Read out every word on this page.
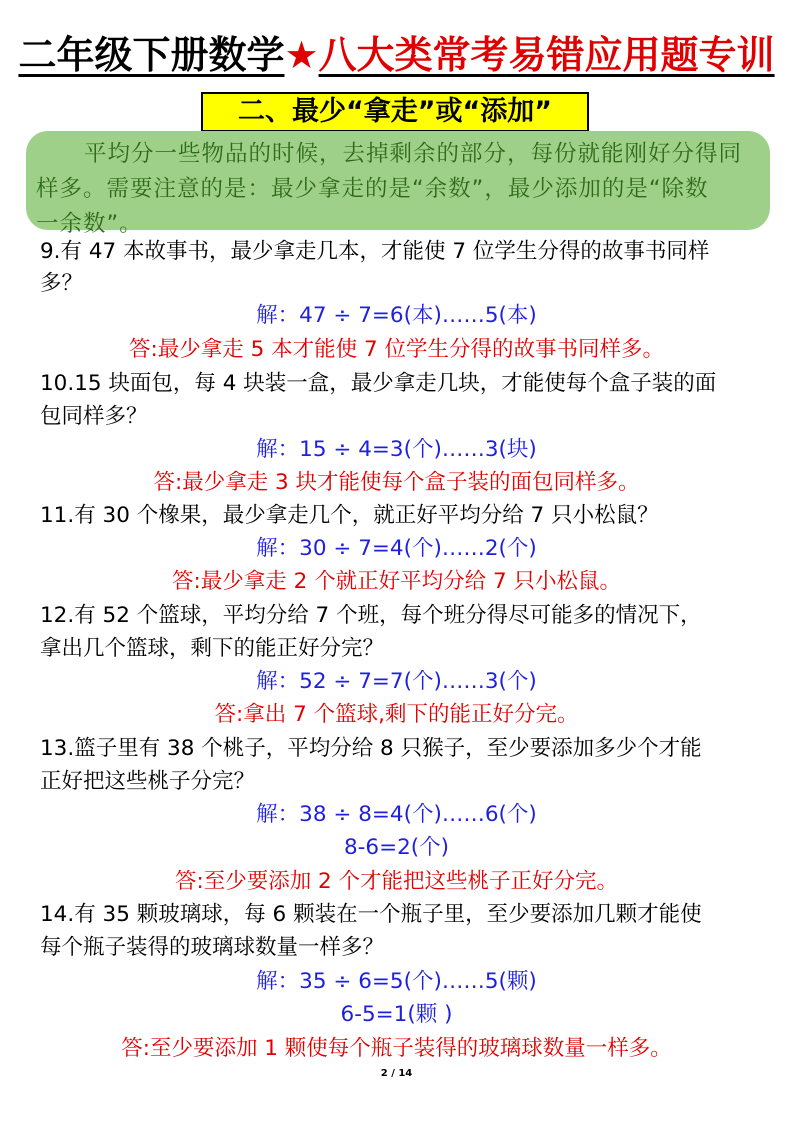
二年级下册数学★八大类常考易错应用题专训
二、最少“拿走”或“添加”
平均分一些物品的时候，去掉剩余的部分，每份就能刚好分得同
样多。需要注意的是：最少拿走的是“余数”，最少添加的是“除数
一余数”。
9.有 47 本故事书，最少拿走几本，才能使 7 位学生分得的故事书同样
多？
解：47 ÷ 7=6(本)……5(本)
答:最少拿走 5 本才能使 7 位学生分得的故事书同样多。
10.15 块面包，每 4 块装一盒，最少拿走几块，才能使每个盒子装的面
包同样多？
解：15 ÷ 4=3(个)……3(块)
答:最少拿走 3 块才能使每个盒子装的面包同样多。
11.有 30 个橡果，最少拿走几个，就正好平均分给 7 只小松鼠？
解：30 ÷ 7=4(个)……2(个)
答:最少拿走 2 个就正好平均分给 7 只小松鼠。
12.有 52 个篮球，平均分给 7 个班，每个班分得尽可能多的情况下，
拿出几个篮球，剩下的能正好分完？
解：52 ÷ 7=7(个)……3(个)
答:拿出 7 个篮球,剩下的能正好分完。
13.篮子里有 38 个桃子，平均分给 8 只猴子，至少要添加多少个才能
正好把这些桃子分完？
解：38 ÷ 8=4(个)……6(个)
8-6=2(个)
答:至少要添加 2 个才能把这些桃子正好分完。
14.有 35 颗玻璃球，每 6 颗装在一个瓶子里，至少要添加几颗才能使
每个瓶子装得的玻璃球数量一样多？
解：35 ÷ 6=5(个)……5(颗)
6-5=1(颗 )
答:至少要添加 1 颗使每个瓶子装得的玻璃球数量一样多。
2 / 14
